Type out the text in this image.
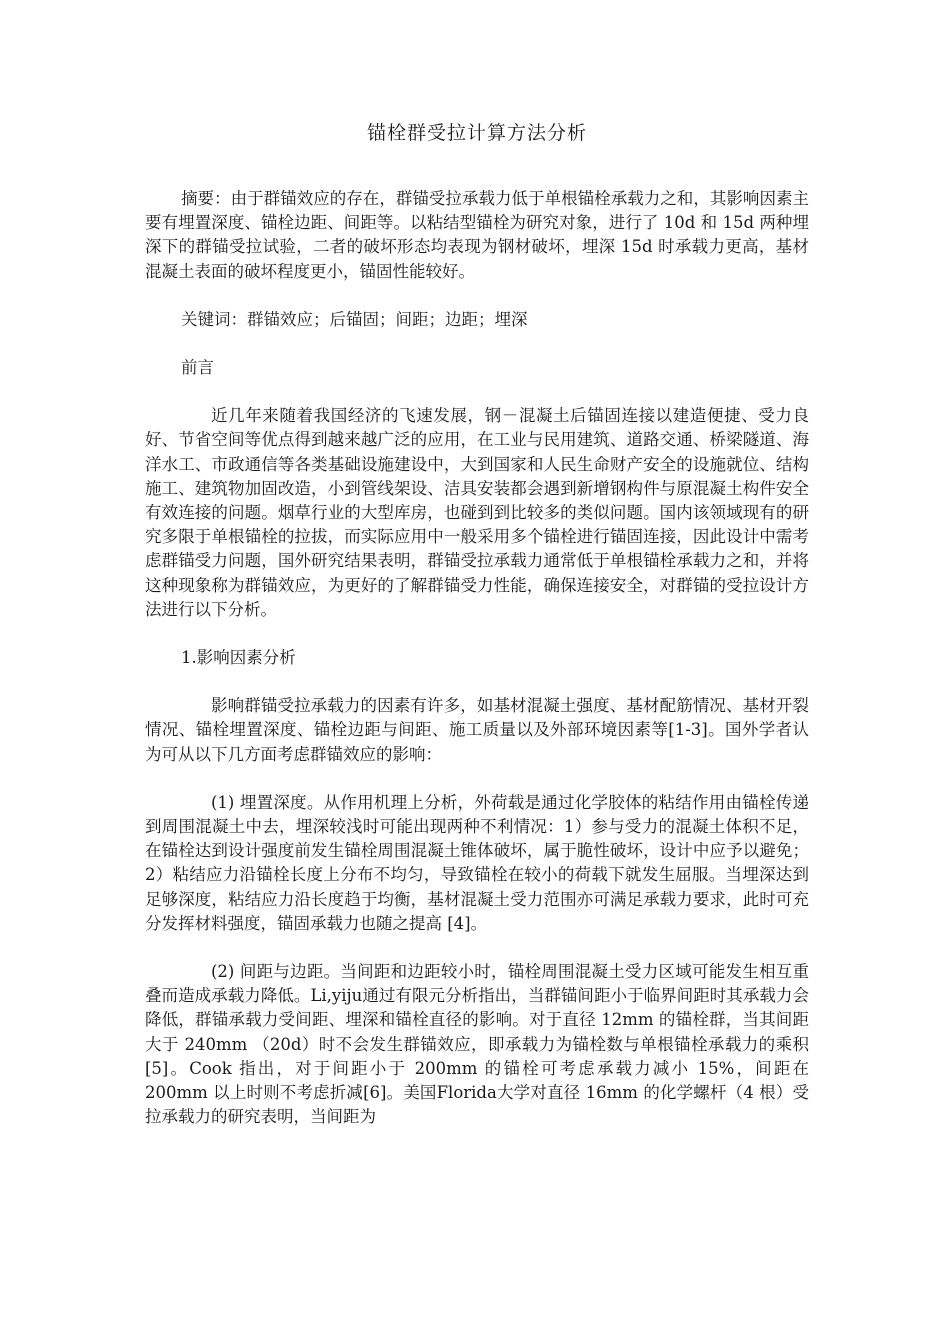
锚栓群受拉计算方法分析

摘要：由于群锚效应的存在，群锚受拉承载力低于单根锚栓承载力之和，其影响因素主要有埋置深度、锚栓边距、间距等。以粘结型锚栓为研究对象，进行了 10d 和 15d 两种埋深下的群锚受拉试验，二者的破坏形态均表现为钢材破坏，埋深 15d 时承载力更高，基材混凝土表面的破坏程度更小，锚固性能较好。

关键词：群锚效应；后锚固；间距；边距；埋深

前言

近几年来随着我国经济的飞速发展，钢－混凝土后锚固连接以建造便捷、受力良好、节省空间等优点得到越来越广泛的应用，在工业与民用建筑、道路交通、桥梁隧道、海洋水工、市政通信等各类基础设施建设中，大到国家和人民生命财产安全的设施就位、结构施工、建筑物加固改造，小到管线架设、洁具安装都会遇到新增钢构件与原混凝土构件安全有效连接的问题。烟草行业的大型库房，也碰到到比较多的类似问题。国内该领域现有的研究多限于单根锚栓的拉拔，而实际应用中一般采用多个锚栓进行锚固连接，因此设计中需考虑群锚受力问题，国外研究结果表明，群锚受拉承载力通常低于单根锚栓承载力之和，并将这种现象称为群锚效应，为更好的了解群锚受力性能，确保连接安全，对群锚的受拉设计方法进行以下分析。

1.影响因素分析

影响群锚受拉承载力的因素有许多，如基材混凝土强度、基材配筋情况、基材开裂情况、锚栓埋置深度、锚栓边距与间距、施工质量以及外部环境因素等[1-3]。国外学者认为可从以下几方面考虑群锚效应的影响：

(1) 埋置深度。从作用机理上分析，外荷载是通过化学胶体的粘结作用由锚栓传递到周围混凝土中去，埋深较浅时可能出现两种不利情况：1）参与受力的混凝土体积不足，在锚栓达到设计强度前发生锚栓周围混凝土锥体破坏，属于脆性破坏，设计中应予以避免；2）粘结应力沿锚栓长度上分布不均匀，导致锚栓在较小的荷载下就发生屈服。当埋深达到足够深度，粘结应力沿长度趋于均衡，基材混凝土受力范围亦可满足承载力要求，此时可充分发挥材料强度，锚固承载力也随之提高 [4]。

(2) 间距与边距。当间距和边距较小时，锚栓周围混凝土受力区域可能发生相互重叠而造成承载力降低。Li,yiju通过有限元分析指出，当群锚间距小于临界间距时其承载力会降低，群锚承载力受间距、埋深和锚栓直径的影响。对于直径 12mm 的锚栓群，当其间距大于 240mm （20d）时不会发生群锚效应，即承载力为锚栓数与单根锚栓承载力的乘积[5]。Cook 指出，对于间距小于 200mm 的锚栓可考虑承载力减小 15%，间距在 200mm 以上时则不考虑折减[6]。美国Florida大学对直径 16mm 的化学螺杆（4 根）受拉承载力的研究表明，当间距为
